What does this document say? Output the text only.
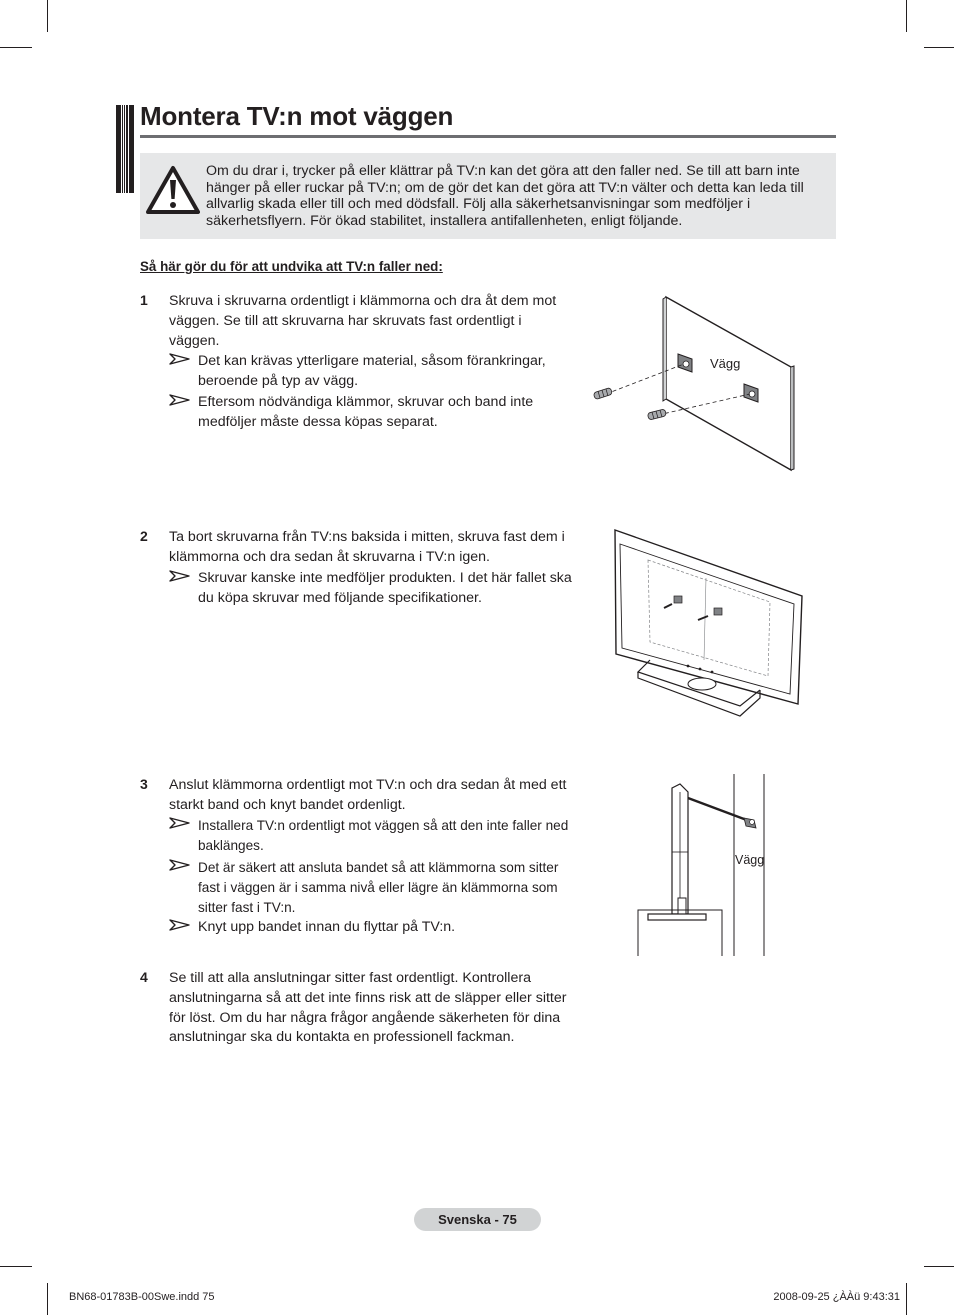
Montera TV:n mot väggen
Om du drar i, trycker på eller klättrar på TV:n kan det göra att den faller ned. Se till att barn inte hänger på eller ruckar på TV:n; om de gör det kan det göra att TV:n välter och detta kan leda till allvarlig skada eller till och med dödsfall. Följ alla säkerhetsanvisningar som medföljer i säkerhetsflyern. För ökad stabilitet, installera antifallenheten, enligt följande.

Så här gör du för att undvika att TV:n faller ned:

1 Skruva i skruvarna ordentligt i klämmorna och dra åt dem mot väggen. Se till att skruvarna har skruvats fast ordentligt i väggen.
Det kan krävas ytterligare material, såsom förankringar, beroende på typ av vägg.
Eftersom nödvändiga klämmor, skruvar och band inte medföljer måste dessa köpas separat.
Vägg
2 Ta bort skruvarna från TV:ns baksida i mitten, skruva fast dem i klämmorna och dra sedan åt skruvarna i TV:n igen.
Skruvar kanske inte medföljer produkten. I det här fallet ska du köpa skruvar med följande specifikationer.
3 Anslut klämmorna ordentligt mot TV:n och dra sedan åt med ett starkt band och knyt bandet ordenligt.
Installera TV:n ordentligt mot väggen så att den inte faller ned baklänges.
Det är säkert att ansluta bandet så att klämmorna som sitter fast i väggen är i samma nivå eller lägre än klämmorna som sitter fast i TV:n.
Knyt upp bandet innan du flyttar på TV:n.
Vägg
4 Se till att alla anslutningar sitter fast ordentligt. Kontrollera anslutningarna så att det inte finns risk att de släpper eller sitter för löst. Om du har några frågor angående säkerheten för dina anslutningar ska du kontakta en professionell fackman.
Svenska - 75
BN68-01783B-00Swe.indd 75	2008-09-25 ¿ÀÀü 9:43:31
